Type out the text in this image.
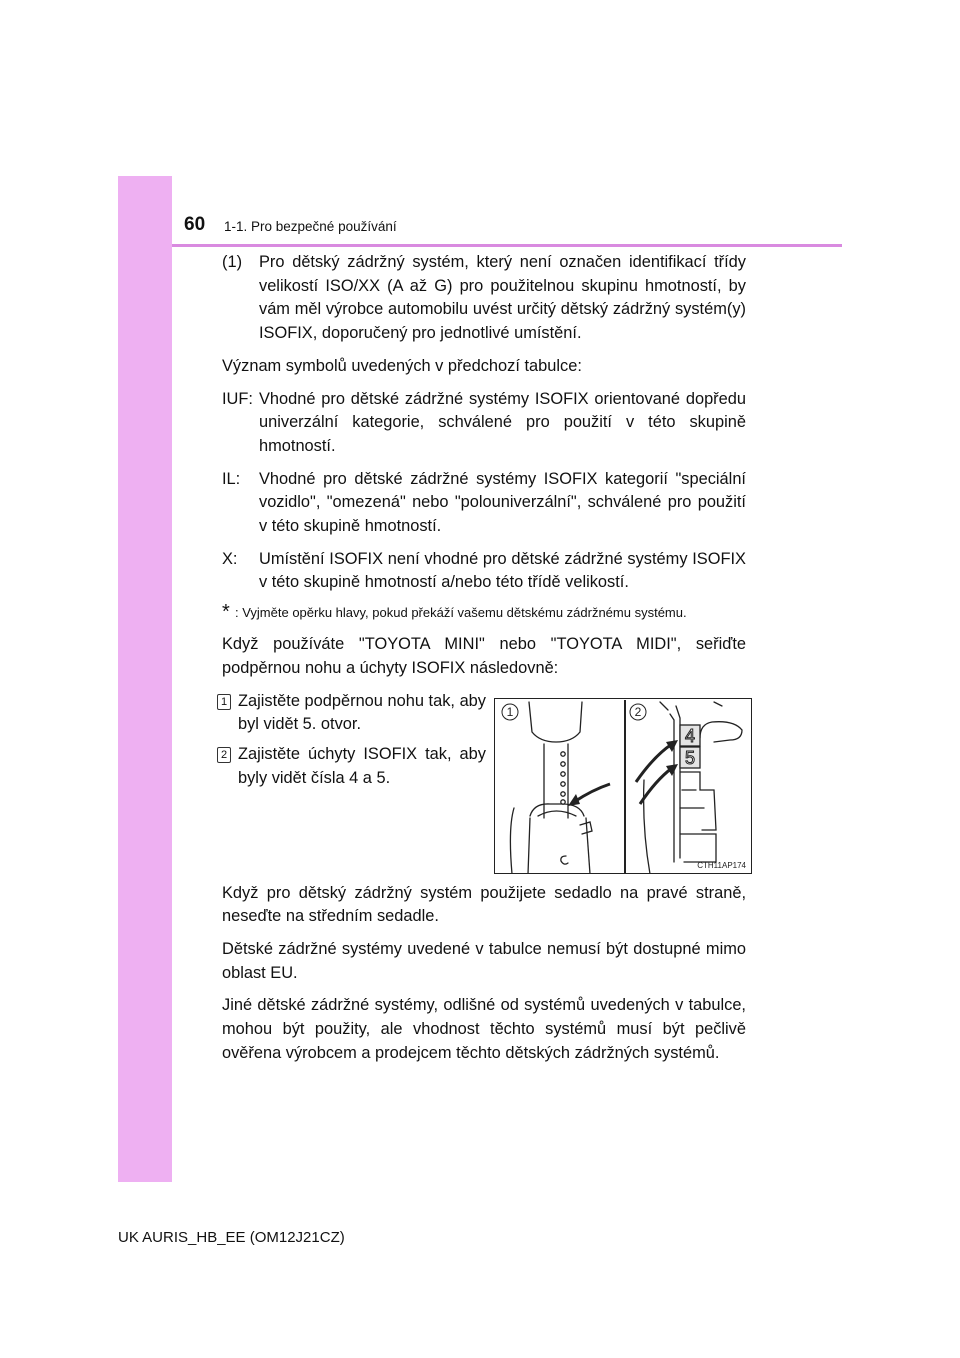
60 1-1. Pro bezpečné používání
(1)	Pro dětský zádržný systém, který není označen identifikací třídy velikostí ISO/XX (A až G) pro použitelnou skupinu hmotností, by vám měl výrobce automobilu uvést určitý dětský zádržný systém(y) ISOFIX, doporučený pro jednotlivé umístění.

Význam symbolů uvedených v předchozí tabulce:

IUF: Vhodné pro dětské zádržné systémy ISOFIX orientované dopředu univerzální kategorie, schválené pro použití v této skupině hmotností.
IL:	Vhodné pro dětské zádržné systémy ISOFIX kategorií "speciální vozidlo", "omezená" nebo "polouniverzální", schválené pro použití v této skupině hmotností.
X:	Umístění ISOFIX není vhodné pro dětské zádržné systémy ISOFIX v této skupině hmotností a/nebo této třídě velikostí.
* : Vyjměte opěrku hlavy, pokud překáží vašemu dětskému zádržnému systému.

Když používáte "TOYOTA MINI" nebo "TOYOTA MIDI", seřiďte podpěrnou nohu a úchyty ISOFIX následovně:

1 Zajistěte podpěrnou nohu tak, aby byl vidět 5. otvor.
2 Zajistěte úchyty ISOFIX tak, aby byly vidět čísla 4 a 5.
4
5
1	2
CTH11AP174

Když pro dětský zádržný systém použijete sedadlo na pravé straně, neseďte na středním sedadle.

Dětské zádržné systémy uvedené v tabulce nemusí být dostupné mimo oblast EU.

Jiné dětské zádržné systémy, odlišné od systémů uvedených v tabulce, mohou být použity, ale vhodnost těchto systémů musí být pečlivě ověřena výrobcem a prodejcem těchto dětských zádržných systémů.

UK AURIS_HB_EE (OM12J21CZ)
